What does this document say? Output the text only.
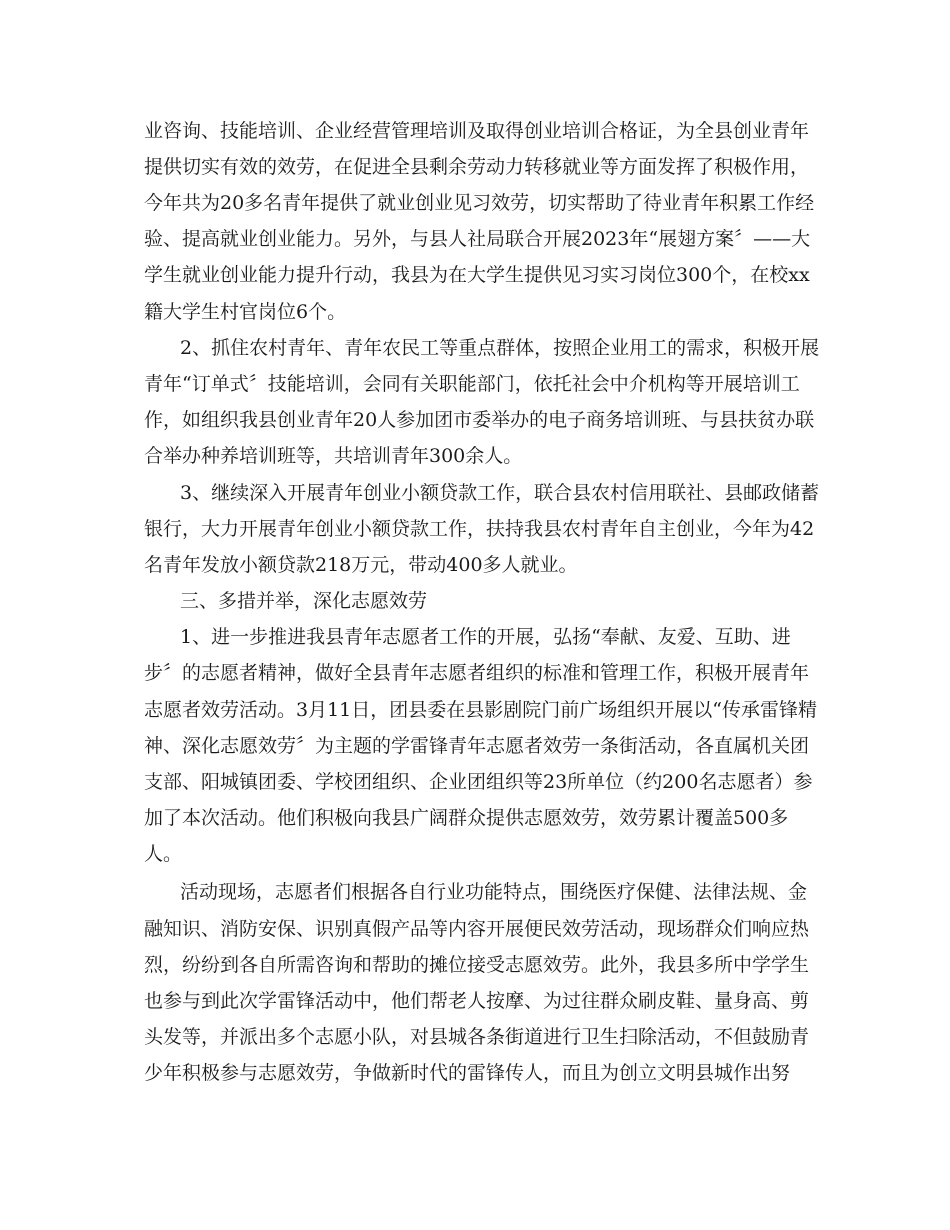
业咨询、技能培训、企业经营管理培训及取得创业培训合格证，为全县创业青年
提供切实有效的效劳，在促进全县剩余劳动力转移就业等方面发挥了积极作用，
今年共为20多名青年提供了就业创业见习效劳，切实帮助了待业青年积累工作经
验、提高就业创业能力。另外，与县人社局联合开展2023年“展翅方案〞——大
学生就业创业能力提升行动，我县为在大学生提供见习实习岗位300个，在校xx
籍大学生村官岗位6个。
2、抓住农村青年、青年农民工等重点群体，按照企业用工的需求，积极开展
青年“订单式〞技能培训，会同有关职能部门，依托社会中介机构等开展培训工
作，如组织我县创业青年20人参加团市委举办的电子商务培训班、与县扶贫办联
合举办种养培训班等，共培训青年300余人。
3、继续深入开展青年创业小额贷款工作，联合县农村信用联社、县邮政储蓄
银行，大力开展青年创业小额贷款工作，扶持我县农村青年自主创业，今年为42
名青年发放小额贷款218万元，带动400多人就业。
三、多措并举，深化志愿效劳
1、进一步推进我县青年志愿者工作的开展，弘扬“奉献、友爱、互助、进
步〞的志愿者精神，做好全县青年志愿者组织的标准和管理工作，积极开展青年
志愿者效劳活动。3月11日，团县委在县影剧院门前广场组织开展以“传承雷锋精
神、深化志愿效劳〞为主题的学雷锋青年志愿者效劳一条街活动，各直属机关团
支部、阳城镇团委、学校团组织、企业团组织等23所单位（约200名志愿者）参
加了本次活动。他们积极向我县广阔群众提供志愿效劳，效劳累计覆盖500多
人。
活动现场，志愿者们根据各自行业功能特点，围绕医疗保健、法律法规、金
融知识、消防安保、识别真假产品等内容开展便民效劳活动，现场群众们响应热
烈，纷纷到各自所需咨询和帮助的摊位接受志愿效劳。此外，我县多所中学学生
也参与到此次学雷锋活动中，他们帮老人按摩、为过往群众刷皮鞋、量身高、剪
头发等，并派出多个志愿小队，对县城各条街道进行卫生扫除活动，不但鼓励青
少年积极参与志愿效劳，争做新时代的雷锋传人，而且为创立文明县城作出努
